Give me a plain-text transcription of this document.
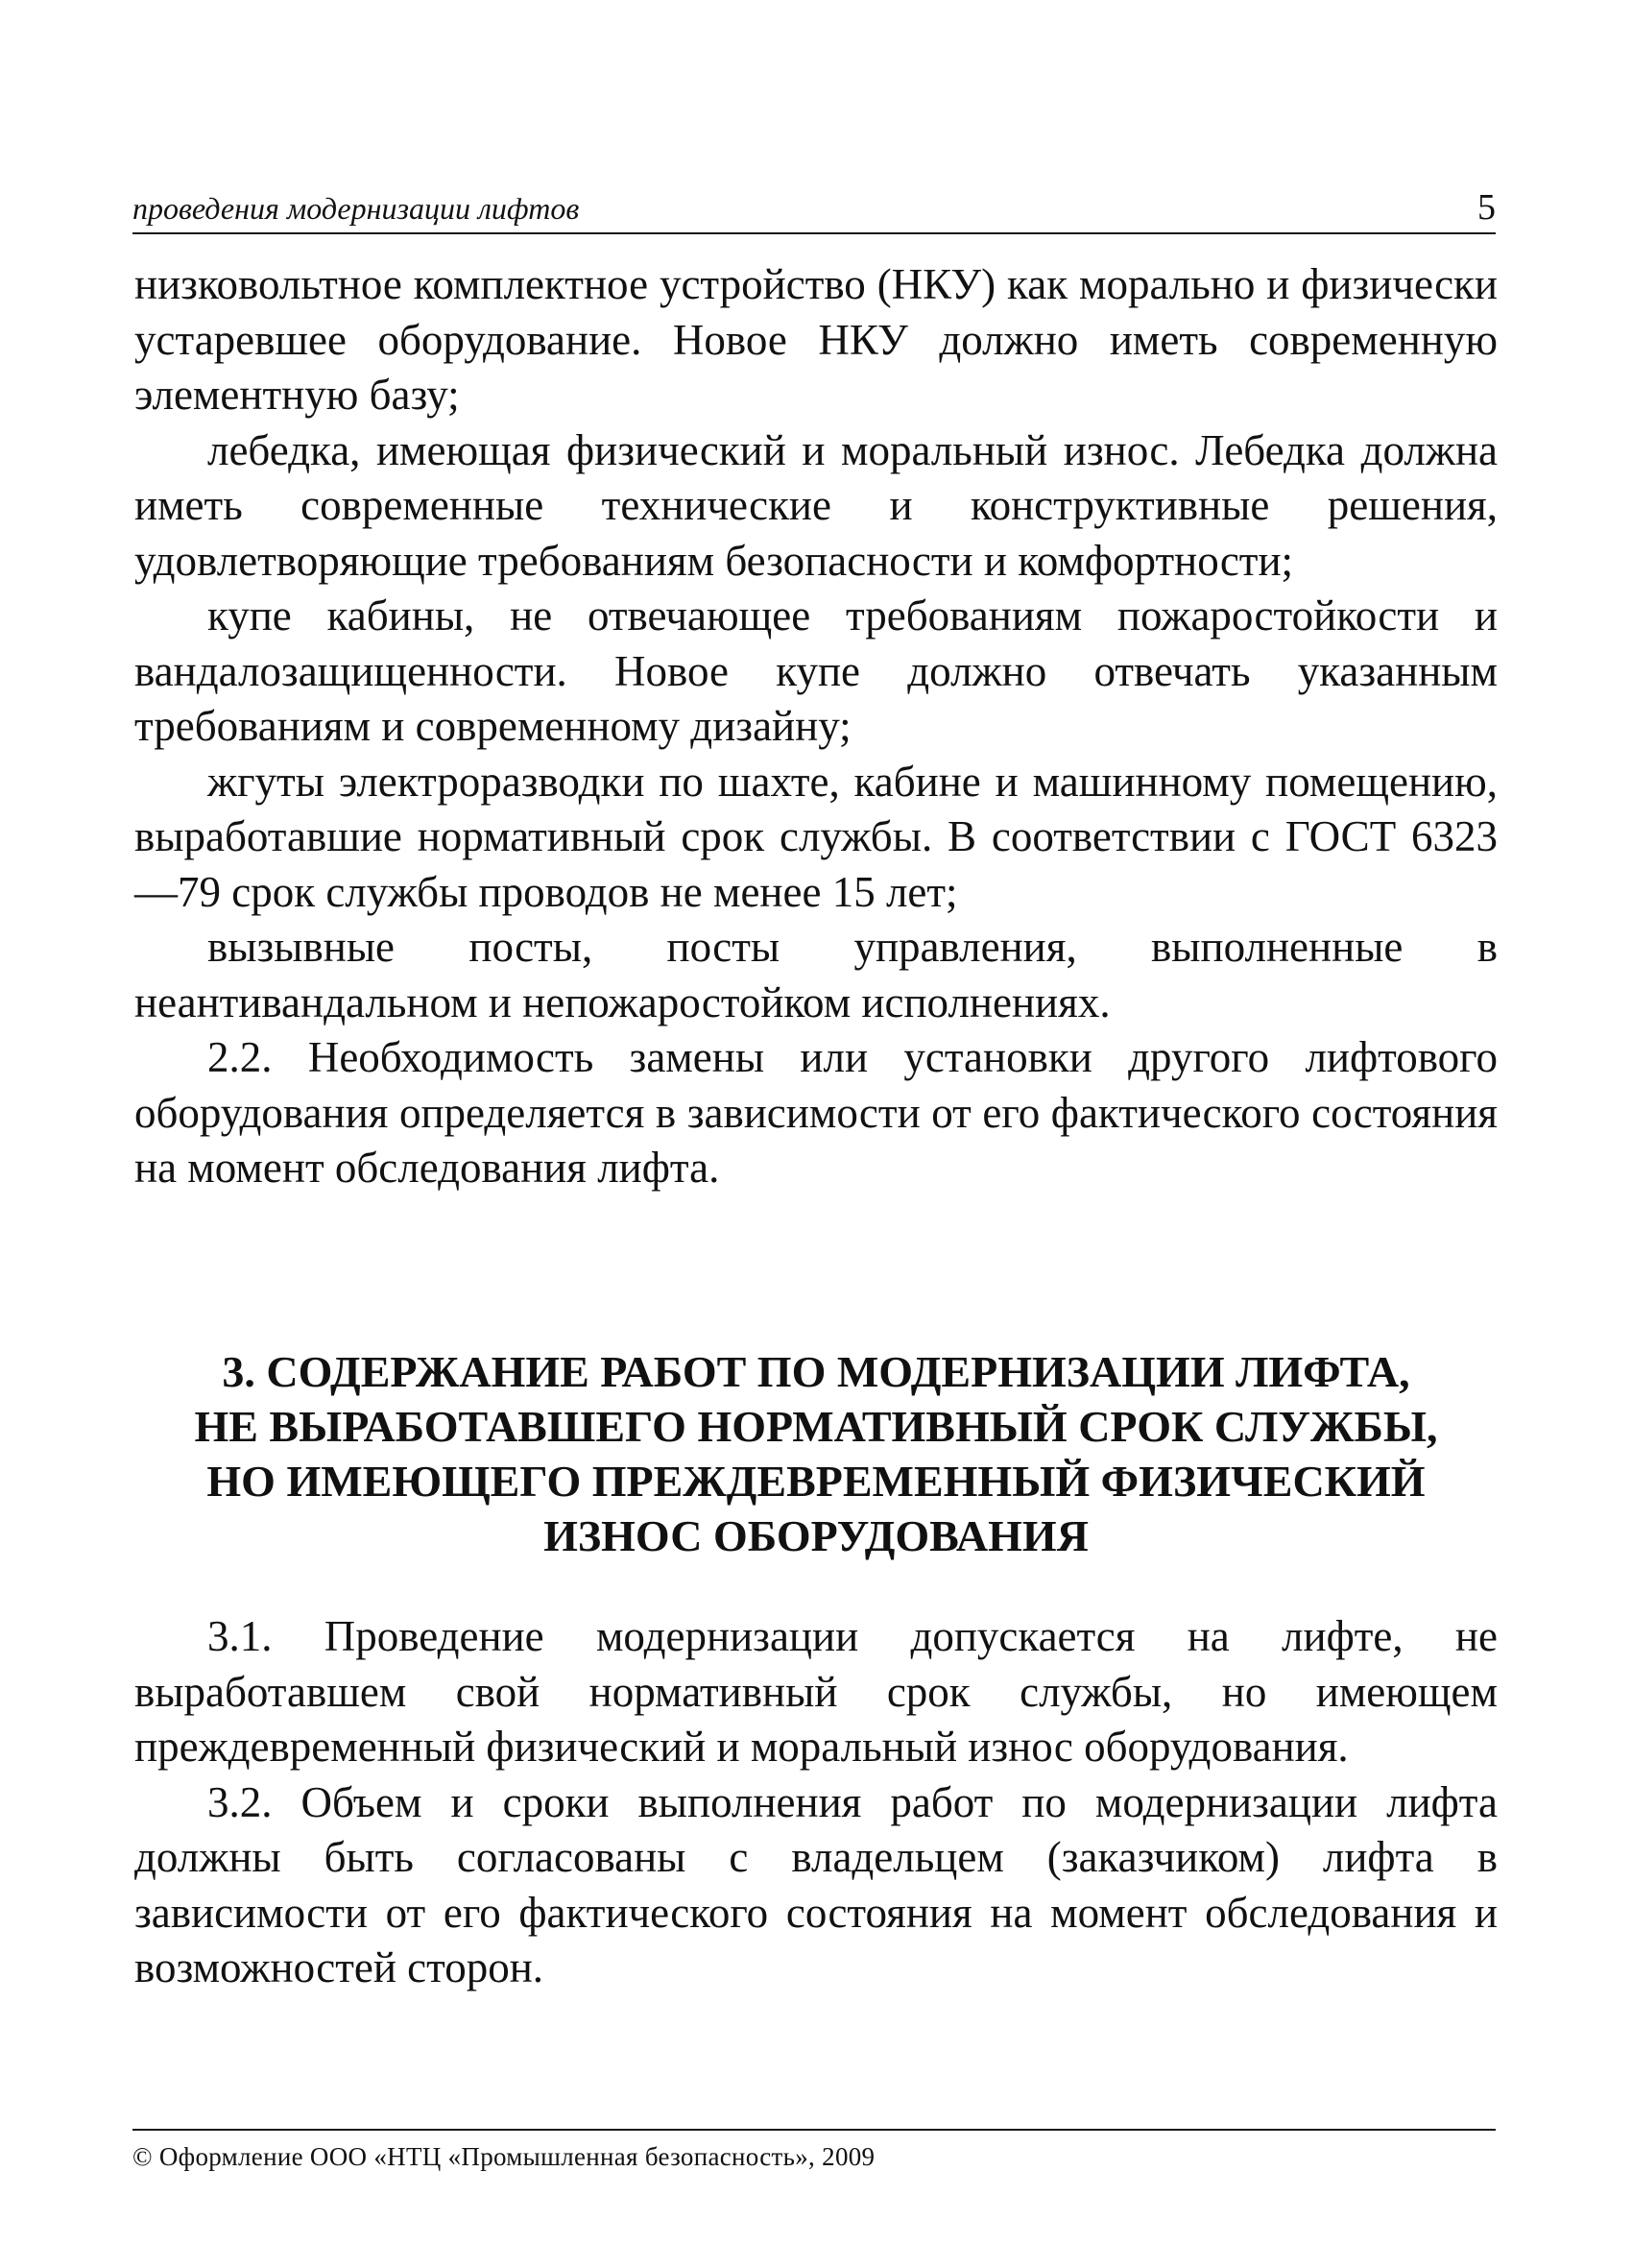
проведения модернизации лифтов	5

низковольтное комплектное устройство (НКУ) как морально и физически устаревшее оборудование. Новое НКУ должно иметь современную элементную базу;

лебедка, имеющая физический и моральный износ. Лебедка должна иметь современные технические и конструктивные решения, удовлетворяющие требованиям безопасности и комфортности;

купе кабины, не отвечающее требованиям пожаростойкости и вандалозащищенности. Новое купе должно отвечать указанным требованиям и современному дизайну;

жгуты электроразводки по шахте, кабине и машинному помещению, выработавшие нормативный срок службы. В соответствии с ГОСТ 6323—79 срок службы проводов не менее 15 лет;

вызывные посты, посты управления, выполненные в неантивандальном и непожаростойком исполнениях.

2.2. Необходимость замены или установки другого лифтового оборудования определяется в зависимости от его фактического состояния на момент обследования лифта.

3. СОДЕРЖАНИЕ РАБОТ ПО МОДЕРНИЗАЦИИ ЛИФТА,
НЕ ВЫРАБОТАВШЕГО НОРМАТИВНЫЙ СРОК СЛУЖБЫ,
НО ИМЕЮЩЕГО ПРЕЖДЕВРЕМЕННЫЙ ФИЗИЧЕСКИЙ
ИЗНОС ОБОРУДОВАНИЯ

3.1. Проведение модернизации допускается на лифте, не выработавшем свой нормативный срок службы, но имеющем преждевременный физический и моральный износ оборудования.

3.2. Объем и сроки выполнения работ по модернизации лифта должны быть согласованы с владельцем (заказчиком) лифта в зависимости от его фактического состояния на момент обследования и возможностей сторон.

© Оформление ООО «НТЦ «Промышленная безопасность», 2009
